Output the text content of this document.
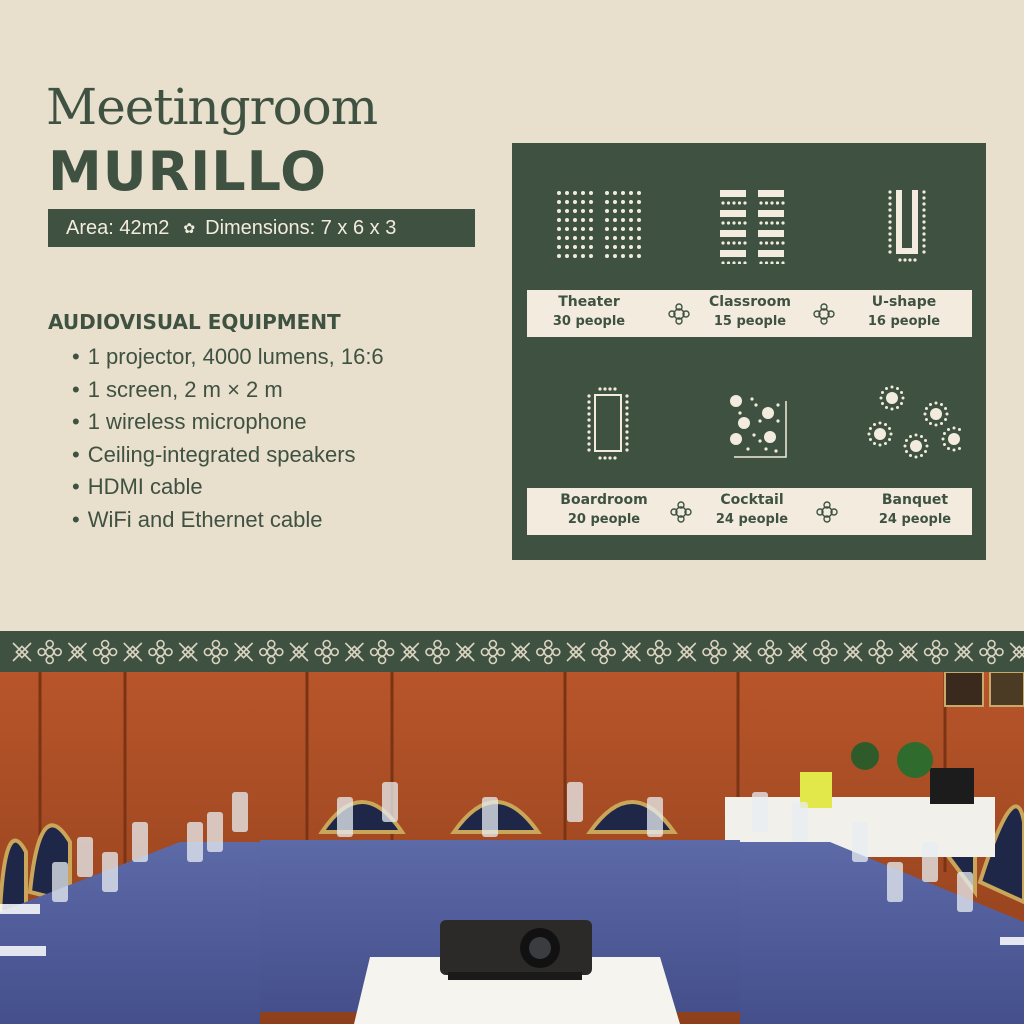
Meetingroom
MURILLO
Area: 42m2 ✿ Dimensions: 7 x 6 x 3
AUDIOVISUAL EQUIPMENT
• 1 projector, 4000 lumens, 16:6
• 1 screen, 2 m × 2 m
• 1 wireless microphone
• Ceiling-integrated speakers
• HDMI cable
• WiFi and Ethernet cable
Theater
30 people
Classroom
15 people
U-shape
16 people
Boardroom
20 people
Cocktail
24 people
Banquet
24 people
